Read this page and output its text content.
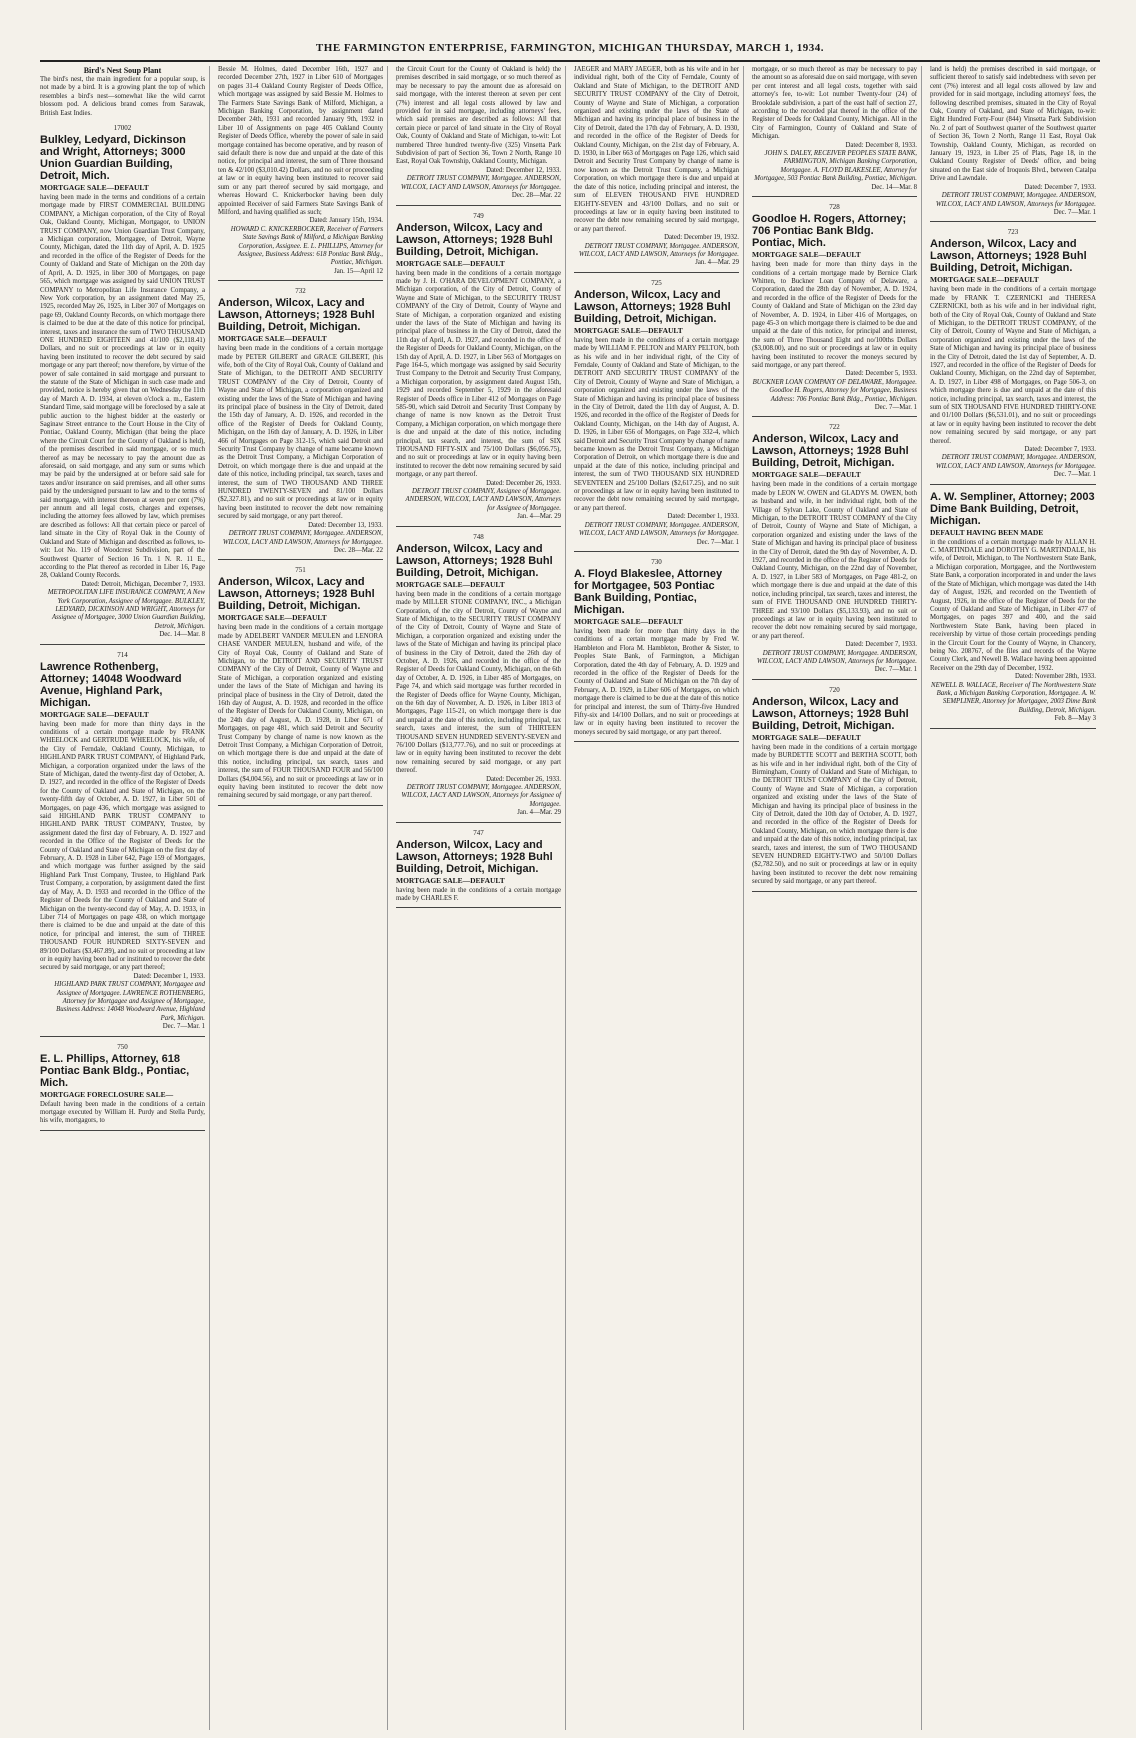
THE FARMINGTON ENTERPRISE, FARMINGTON, MICHIGAN THURSDAY, MARCH 1, 1934.
Bird's Nest Soup Plant

The bird's nest, the main ingredient for a popular soup, is not made by a bird. It is a growing plant the top of which resembles a bird's nest—somewhat like the wild carrot blossom pod. A delicious brand comes from Sarawak, British East Indies.

17002
Bulkley, Ledyard, Dickinson and Wright, Attorneys; 3000 Union Guardian Building, Detroit, Mich.
MORTGAGE SALE—DEFAULT

having been made in the terms and conditions of a certain mortgage made by FIRST COMMERCIAL BUILDING COMPANY, a Michigan corporation, of the City of Royal Oak, Oakland County, Michigan, Mortgagor, to UNION TRUST COMPANY, now Union Guardian Trust Company, a Michigan corporation, Mortgagee, of Detroit, Wayne County, Michigan, dated the 11th day of April, A. D. 1925 and recorded in the office of the Register of Deeds for the County of Oakland and State of Michigan on the 20th day of April, A. D. 1925, in liber 300 of Mortgages, on page 565, which mortgage was assigned by said UNION TRUST COMPANY to Metropolitan Life Insurance Company, a New York corporation, by an assignment dated May 25, 1925, recorded May 26, 1925, in Liber 307 of Mortgages on page 69, Oakland County Records, on which mortgage there is claimed to be due at the date of this notice for principal, interest, taxes and insurance the sum of TWO THOUSAND ONE HUNDRED EIGHTEEN and 41/100 ($2,118.41) Dollars, and no suit or proceedings at law or in equity having been instituted to recover the debt secured by said mortgage or any part thereof; now therefore, by virtue of the power of sale contained in said mortgage and pursuant to the statute of the State of Michigan in such case made and provided, notice is hereby given that on Wednesday the 11th day of March A. D. 1934, at eleven o'clock a. m., Eastern Standard Time, said mortgage will be foreclosed by a sale at public auction to the highest bidder at the easterly or Saginaw Street entrance to the Court House in the City of Pontiac, Oakland County, Michigan (that being the place where the Circuit Court for the County of Oakland is held), of the premises described in said mortgage, or so much thereof as may be necessary to pay the amount due as aforesaid, on said mortgage, and any sum or sums which may be paid by the undersigned at or before said sale for taxes and/or insurance on said premises, and all other sums paid by the undersigned pursuant to law and to the terms of said mortgage, with interest thereon at seven per cent (7%) per annum and all legal costs, charges and expenses, including the attorney fees allowed by law, which premises are described as follows: All that certain piece or parcel of land situate in the City of Royal Oak in the County of Oakland and State of Michigan and described as follows, to-wit: Lot No. 119 of Woodcrest Subdivision, part of the Southwest Quarter of Section 16 Tn. 1 N. R. 11 E., according to the Plat thereof as recorded in Liber 16, Page 28, Oakland County Records.

Dated: Detroit, Michigan, December 7, 1933.
METROPOLITAN LIFE INSURANCE COMPANY, A New York Corporation, Assignee of Mortgagee. BULKLEY, LEDYARD, DICKINSON AND WRIGHT, Attorneys for Assignee of Mortgagee, 3000 Union Guardian Building, Detroit, Michigan.
Dec. 14—Mar. 8
714
Lawrence Rothenberg, Attorney; 14048 Woodward Avenue, Highland Park, Michigan.
MORTGAGE SALE—DEFAULT

having been made for more than thirty days in the conditions of a certain mortgage made by FRANK WHEELOCK and GERTRUDE WHEELOCK, his wife, of the City of Ferndale, Oakland County, Michigan, to HIGHLAND PARK TRUST COMPANY, of Highland Park, Michigan, a corporation organized under the laws of the State of Michigan, dated the twenty-first day of October, A. D. 1927, and recorded in the office of the Register of Deeds for the County of Oakland and State of Michigan, on the twenty-fifth day of October, A. D. 1927, in Liber 501 of Mortgages, on page 436, which mortgage was assigned to said HIGHLAND PARK TRUST COMPANY to HIGHLAND PARK TRUST COMPANY, Trustee, by assignment dated the first day of February, A. D. 1927 and recorded in the Office of the Register of Deeds for the County of Oakland and State of Michigan on the first day of February, A. D. 1928 in Liber 642, Page 159 of Mortgages, and which mortgage was further assigned by the said Highland Park Trust Company, Trustee, to Highland Park Trust Company, a corporation, by assignment dated the first day of May, A. D. 1933 and recorded in the Office of the Register of Deeds for the County of Oakland and State of Michigan on the twenty-second day of May, A. D. 1933, in Liber 714 of Mortgages on page 438, on which mortgage there is claimed to be due and unpaid at the date of this notice, for principal and interest, the sum of THREE THOUSAND FOUR HUNDRED SIXTY-SEVEN and 89/100 Dollars ($3,467.89), and no suit or proceeding at law or in equity having been had or instituted to recover the debt secured by said mortgage, or any part thereof;

Dated: December 1, 1933.
HIGHLAND PARK TRUST COMPANY, Mortgagee and Assignee of Mortgagee. LAWRENCE ROTHENBERG, Attorney for Mortgagee and Assignee of Mortgagee, Business Address: 14048 Woodward Avenue, Highland Park, Michigan.
Dec. 7—Mar. 1
750
E. L. Phillips, Attorney, 618 Pontiac Bank Bldg., Pontiac, Mich.
MORTGAGE FORECLOSURE SALE—

Default having been made in the conditions of a certain mortgage executed by William H. Purdy and Stella Purdy, his wife, mortgagors, to

Bessie M. Holmes, dated December 16th, 1927 and recorded December 27th, 1927 in Liber 610 of Mortgages on pages 31-4 Oakland County Register of Deeds Office, which mortgage was assigned by said Bessie M. Holmes to The Farmers State Savings Bank of Milford, Michigan, a Michigan Banking Corporation, by assignment dated December 24th, 1931 and recorded January 9th, 1932 in Liber 10 of Assignments on page 405 Oakland County Register of Deeds Office, whereby the power of sale in said mortgage contained has become operative, and by reason of said default there is now due and unpaid at the date of this notice, for principal and interest, the sum of Three thousand ten & 42/100 ($3,010.42) Dollars, and no suit or proceeding at law or in equity having been instituted to recover said sum or any part thereof secured by said mortgage, and whereas Howard C. Knickerbocker having been duly appointed Receiver of said Farmers State Savings Bank of Milford, and having qualified as such;

Dated: January 15th, 1934.
HOWARD C. KNICKERBOCKER, Receiver of Farmers State Savings Bank of Milford, a Michigan Banking Corporation, Assignee. E. L. PHILLIPS, Attorney for Assignee, Business Address: 618 Pontiac Bank Bldg., Pontiac, Michigan.
Jan. 15—April 12
732
Anderson, Wilcox, Lacy and Lawson, Attorneys; 1928 Buhl Building, Detroit, Michigan.
MORTGAGE SALE—DEFAULT

having been made in the conditions of a certain mortgage made by PETER GILBERT and GRACE GILBERT, (his wife, both of the City of Royal Oak, County of Oakland and State of Michigan, to the DETROIT AND SECURITY TRUST COMPANY of the City of Detroit, County of Wayne and State of Michigan, a corporation organized and existing under the laws of the State of Michigan and having its principal place of business in the City of Detroit, dated the 15th day of January, A. D. 1926, and recorded in the office of the Register of Deeds for Oakland County, Michigan, on the 16th day of January, A. D. 1926, in Liber 466 of Mortgages on Page 312-15, which said Detroit and Security Trust Company by change of name became known as the Detroit Trust Company, a Michigan Corporation of Detroit, on which mortgage there is due and unpaid at the date of this notice, including principal, tax search, taxes and interest, the sum of TWO THOUSAND AND THREE HUNDRED TWENTY-SEVEN and 81/100 Dollars ($2,327.81), and no suit or proceedings at law or in equity having been instituted to recover the debt now remaining secured by said mortgage, or any part thereof.

Dated: December 13, 1933.
DETROIT TRUST COMPANY, Mortgagee. ANDERSON, WILCOX, LACY AND LAWSON, Attorneys for Mortgagee.
Dec. 28—Mar. 22
751
Anderson, Wilcox, Lacy and Lawson, Attorneys; 1928 Buhl Building, Detroit, Michigan.
MORTGAGE SALE—DEFAULT

having been made in the conditions of a certain mortgage made by ADELBERT VANDER MEULEN and LENORA CHASE VANDER MEULEN, husband and wife, of the City of Royal Oak, County of Oakland and State of Michigan, to the DETROIT AND SECURITY TRUST COMPANY of the City of Detroit, County of Wayne and State of Michigan, a corporation organized and existing under the laws of the State of Michigan and having its principal place of business in the City of Detroit, dated the 16th day of August, A. D. 1928, and recorded in the office of the Register of Deeds for Oakland County, Michigan, on the 24th day of August, A. D. 1928, in Liber 671 of Mortgages, on page 481, which said Detroit and Security Trust Company by change of name is now known as the Detroit Trust Company, a Michigan Corporation of Detroit, on which mortgage there is due and unpaid at the date of this notice, including principal, tax search, taxes and interest, the sum of FOUR THOUSAND FOUR and 56/100 Dollars ($4,004.56), and no suit or proceedings at law or in equity having been instituted to recover the debt now remaining secured by said mortgage, or any part thereof.

the Circuit Court for the County of Oakland is held) the premises described in said mortgage, or so much thereof as may be necessary to pay the amount due as aforesaid on said mortgage, with the interest thereon at seven per cent (7%) interest and all legal costs allowed by law and provided for in said mortgage, including attorneys' fees, which said premises are described as follows: All that certain piece or parcel of land situate in the City of Royal Oak, County of Oakland and State of Michigan, to-wit: Lot numbered Three hundred twenty-five (325) Vinsetta Park Subdivision of part of Section 36, Town 2 North, Range 10 East, Royal Oak Township, Oakland County, Michigan.

Dated: December 12, 1933.
DETROIT TRUST COMPANY, Mortgagee. ANDERSON, WILCOX, LACY AND LAWSON, Attorneys for Mortgagee.
Dec. 28—Mar. 22
749
Anderson, Wilcox, Lacy and Lawson, Attorneys; 1928 Buhl Building, Detroit, Michigan.
MORTGAGE SALE—DEFAULT

having been made in the conditions of a certain mortgage made by J. H. O'HARA DEVELOPMENT COMPANY, a Michigan corporation, of the City of Detroit, County of Wayne and State of Michigan, to the SECURITY TRUST COMPANY of the City of Detroit, County of Wayne and State of Michigan, a corporation organized and existing under the laws of the State of Michigan and having its principal place of business in the City of Detroit, dated the 11th day of April, A. D. 1927, and recorded in the office of the Register of Deeds for Oakland County, Michigan, on the 15th day of April, A. D. 1927, in Liber 563 of Mortgages on Page 164-5, which mortgage was assigned by said Security Trust Company to the Detroit and Security Trust Company, a Michigan corporation, by assignment dated August 15th, 1929 and recorded September 5, 1929 in the aforesaid Register of Deeds office in Liber 412 of Mortgages on Page 585-90, which said Detroit and Security Trust Company by change of name is now known as the Detroit Trust Company, a Michigan corporation, on which mortgage there is due and unpaid at the date of this notice, including principal, tax search, and interest, the sum of SIX THOUSAND FIFTY-SIX and 75/100 Dollars ($6,056.75), and no suit or proceedings at law or in equity having been instituted to recover the debt now remaining secured by said mortgage, or any part thereof.

Dated: December 26, 1933.
DETROIT TRUST COMPANY, Assignee of Mortgagee. ANDERSON, WILCOX, LACY AND LAWSON, Attorneys for Assignee of Mortgagee.
Jan. 4—Mar. 29
748
Anderson, Wilcox, Lacy and Lawson, Attorneys; 1928 Buhl Building, Detroit, Michigan.
MORTGAGE SALE—DEFAULT

having been made in the conditions of a certain mortgage made by MILLER STONE COMPANY, INC., a Michigan Corporation, of the city of Detroit, County of Wayne and State of Michigan, to the SECURITY TRUST COMPANY of the City of Detroit, County of Wayne and State of Michigan, a corporation organized and existing under the laws of the State of Michigan and having its principal place of business in the City of Detroit, dated the 26th day of October, A. D. 1926, and recorded in the office of the Register of Deeds for Oakland County, Michigan, on the 6th day of October, A. D. 1926, in Liber 485 of Mortgages, on Page 74, and which said mortgage was further recorded in the Register of Deeds office for Wayne County, Michigan, on the 6th day of November, A. D. 1926, in Liber 1813 of Mortgages, Page 115-21, on which mortgage there is due and unpaid at the date of this notice, including principal, tax search, taxes and interest, the sum of THIRTEEN THOUSAND SEVEN HUNDRED SEVENTY-SEVEN and 76/100 Dollars ($13,777.76), and no suit or proceedings at law or in equity having been instituted to recover the debt now remaining secured by said mortgage, or any part thereof.

Dated: December 26, 1933.
DETROIT TRUST COMPANY, Mortgagee. ANDERSON, WILCOX, LACY AND LAWSON, Attorneys for Assignee of Mortgagee.
Jan. 4—Mar. 29
747
Anderson, Wilcox, Lacy and Lawson, Attorneys; 1928 Buhl Building, Detroit, Michigan.
MORTGAGE SALE—DEFAULT

having been made in the conditions of a certain mortgage made by CHARLES F.

JAEGER and MARY JAEGER, both as his wife and in her individual right, both of the City of Ferndale, County of Oakland and State of Michigan, to the DETROIT AND SECURITY TRUST COMPANY of the City of Detroit, County of Wayne and State of Michigan, a corporation organized and existing under the laws of the State of Michigan and having its principal place of business in the City of Detroit, dated the 17th day of February, A. D. 1930, and recorded in the office of the Register of Deeds for Oakland County, Michigan, on the 21st day of February, A. D. 1930, in Liber 663 of Mortgages on Page 126, which said Detroit and Security Trust Company by change of name is now known as the Detroit Trust Company, a Michigan Corporation, on which mortgage there is due and unpaid at the date of this notice, including principal and interest, the sum of ELEVEN THOUSAND FIVE HUNDRED EIGHTY-SEVEN and 43/100 Dollars, and no suit or proceedings at law or in equity having been instituted to recover the debt now remaining secured by said mortgage, or any part thereof.

Dated: December 19, 1932.
DETROIT TRUST COMPANY, Mortgagee. ANDERSON, WILCOX, LACY AND LAWSON, Attorneys for Mortgagee.
Jan. 4—Mar. 29
725
Anderson, Wilcox, Lacy and Lawson, Attorneys; 1928 Buhl Building, Detroit, Michigan.
MORTGAGE SALE—DEFAULT

having been made in the conditions of a certain mortgage made by WILLIAM F. PELTON and MARY PELTON, both as his wife and in her individual right, of the City of Ferndale, County of Oakland and State of Michigan, to the DETROIT AND SECURITY TRUST COMPANY of the City of Detroit, County of Wayne and State of Michigan, a corporation organized and existing under the laws of the State of Michigan and having its principal place of business in the City of Detroit, dated the 11th day of August, A. D. 1926, and recorded in the office of the Register of Deeds for Oakland County, Michigan, on the 14th day of August, A. D. 1926, in Liber 656 of Mortgages, on Page 332-4, which said Detroit and Security Trust Company by change of name became known as the Detroit Trust Company, a Michigan Corporation of Detroit, on which mortgage there is due and unpaid at the date of this notice, including principal and interest, the sum of TWO THOUSAND SIX HUNDRED SEVENTEEN and 25/100 Dollars ($2,617.25), and no suit or proceedings at law or in equity having been instituted to recover the debt now remaining secured by said mortgage, or any part thereof.

Dated: December 1, 1933.
DETROIT TRUST COMPANY, Mortgagee. ANDERSON, WILCOX, LACY AND LAWSON, Attorneys for Mortgagee.
Dec. 7—Mar. 1
730
A. Floyd Blakeslee, Attorney for Mortgagee, 503 Pontiac Bank Building, Pontiac, Michigan.
MORTGAGE SALE—DEFAULT

having been made for more than thirty days in the conditions of a certain mortgage made by Fred W. Hambleton and Flora M. Hambleton, Brother & Sister, to Peoples State Bank, of Farmington, a Michigan Corporation, dated the 4th day of February, A. D. 1929 and recorded in the office of the Register of Deeds for the County of Oakland and State of Michigan on the 7th day of February, A. D. 1929, in Liber 606 of Mortgages, on which mortgage there is claimed to be due at the date of this notice for principal and interest, the sum of Thirty-five Hundred Fifty-six and 14/100 Dollars, and no suit or proceedings at law or in equity having been instituted to recover the moneys secured by said mortgage, or any part thereof.

mortgage, or so much thereof as may be necessary to pay the amount so as aforesaid due on said mortgage, with seven per cent interest and all legal costs, together with said attorney's fee, to-wit: Lot number Twenty-four (24) of Brookdale subdivision, a part of the east half of section 27, according to the recorded plat thereof in the office of the Register of Deeds for Oakland County, Michigan. All in the City of Farmington, County of Oakland and State of Michigan.

Dated: December 8, 1933.
JOHN S. DALEY, RECEIVER PEOPLES STATE BANK, FARMINGTON, Michigan Banking Corporation, Mortgagee. A. FLOYD BLAKESLEE, Attorney for Mortgagee, 503 Pontiac Bank Building, Pontiac, Michigan.
Dec. 14—Mar. 8
728
Goodloe H. Rogers, Attorney; 706 Pontiac Bank Bldg. Pontiac, Mich.
MORTGAGE SALE—DEFAULT

having been made for more than thirty days in the conditions of a certain mortgage made by Bernice Clark Whitten, to Buckner Loan Company of Delaware, a Corporation, dated the 28th day of November, A. D. 1924, and recorded in the office of the Register of Deeds for the County of Oakland and State of Michigan on the 23rd day of November, A. D. 1924, in Liber 416 of Mortgages, on page 45-3 on which mortgage there is claimed to be due and unpaid at the date of this notice, for principal and interest, the sum of Three Thousand Eight and no/100ths Dollars ($3,008.00), and no suit or proceedings at law or in equity having been instituted to recover the moneys secured by said mortgage, or any part thereof.

Dated: December 5, 1933.
BUCKNER LOAN COMPANY OF DELAWARE, Mortgagee. Goodloe H. Rogers, Attorney for Mortgagee, Business Address: 706 Pontiac Bank Bldg., Pontiac, Michigan.
Dec. 7—Mar. 1
722
Anderson, Wilcox, Lacy and Lawson, Attorneys; 1928 Buhl Building, Detroit, Michigan.
MORTGAGE SALE—DEFAULT

having been made in the conditions of a certain mortgage made by LEON W. OWEN and GLADYS M. OWEN, both as husband and wife, in her individual right, both of the Village of Sylvan Lake, County of Oakland and State of Michigan, to the DETROIT TRUST COMPANY of the City of Detroit, County of Wayne and State of Michigan, a corporation organized and existing under the laws of the State of Michigan and having its principal place of business in the City of Detroit, dated the 9th day of November, A. D. 1927, and recorded in the office of the Register of Deeds for Oakland County, Michigan, on the 22nd day of November, A. D. 1927, in Liber 583 of Mortgages, on Page 481-2, on which mortgage there is due and unpaid at the date of this notice, including principal, tax search, taxes and interest, the sum of FIVE THOUSAND ONE HUNDRED THIRTY-THREE and 93/100 Dollars ($5,133.93), and no suit or proceedings at law or in equity having been instituted to recover the debt now remaining secured by said mortgage, or any part thereof.

Dated: December 7, 1933.
DETROIT TRUST COMPANY, Mortgagee. ANDERSON, WILCOX, LACY AND LAWSON, Attorneys for Mortgagee.
Dec. 7—Mar. 1
720
Anderson, Wilcox, Lacy and Lawson, Attorneys; 1928 Buhl Building, Detroit, Michigan.
MORTGAGE SALE—DEFAULT

having been made in the conditions of a certain mortgage made by BURDETTE SCOTT and BERTHA SCOTT, both as his wife and in her individual right, both of the City of Birmingham, County of Oakland and State of Michigan, to the DETROIT TRUST COMPANY of the City of Detroit, County of Wayne and State of Michigan, a corporation organized and existing under the laws of the State of Michigan and having its principal place of business in the City of Detroit, dated the 10th day of October, A. D. 1927, and recorded in the office of the Register of Deeds for Oakland County, Michigan, on which mortgage there is due and unpaid at the date of this notice, including principal, tax search, taxes and interest, the sum of TWO THOUSAND SEVEN HUNDRED EIGHTY-TWO and 50/100 Dollars ($2,782.50), and no suit or proceedings at law or in equity having been instituted to recover the debt now remaining secured by said mortgage, or any part thereof.

land is held) the premises described in said mortgage, or sufficient thereof to satisfy said indebtedness with seven per cent (7%) interest and all legal costs allowed by law and provided for in said mortgage, including attorneys' fees, the following described premises, situated in the City of Royal Oak, County of Oakland, and State of Michigan, to-wit: Eight Hundred Forty-Four (844) Vinsetta Park Subdivision No. 2 of part of Southwest quarter of the Southwest quarter of Section 36, Town 2 North, Range 11 East, Royal Oak Township, Oakland County, Michigan, as recorded on January 19, 1923, in Liber 25 of Plats, Page 18, in the Oakland County Register of Deeds' office, and being situated on the East side of Iroquois Blvd., between Catalpa Drive and Lawndale.

Dated: December 7, 1933.
DETROIT TRUST COMPANY, Mortgagee. ANDERSON, WILCOX, LACY AND LAWSON, Attorneys for Mortgagee.
Dec. 7—Mar. 1
723
Anderson, Wilcox, Lacy and Lawson, Attorneys; 1928 Buhl Building, Detroit, Michigan.
MORTGAGE SALE—DEFAULT

having been made in the conditions of a certain mortgage made by FRANK T. CZERNICKI and THERESA CZERNICKI, both as his wife and in her individual right, both of the City of Royal Oak, County of Oakland and State of Michigan, to the DETROIT TRUST COMPANY, of the City of Detroit, County of Wayne and State of Michigan, a corporation organized and existing under the laws of the State of Michigan and having its principal place of business in the City of Detroit, dated the 1st day of September, A. D. 1927, and recorded in the office of the Register of Deeds for Oakland County, Michigan, on the 22nd day of September, A. D. 1927, in Liber 498 of Mortgages, on Page 506-3, on which mortgage there is due and unpaid at the date of this notice, including principal, tax search, taxes and interest, the sum of SIX THOUSAND FIVE HUNDRED THIRTY-ONE and 01/100 Dollars ($6,531.01), and no suit or proceedings at law or in equity having been instituted to recover the debt now remaining secured by said mortgage, or any part thereof.

Dated: December 7, 1933.
DETROIT TRUST COMPANY, Mortgagee. ANDERSON, WILCOX, LACY AND LAWSON, Attorneys for Mortgagee.
Dec. 7—Mar. 1
A. W. Sempliner, Attorney; 2003 Dime Bank Building, Detroit, Michigan.
DEFAULT HAVING BEEN MADE

in the conditions of a certain mortgage made by ALLAN H. C. MARTINDALE and DOROTHY G. MARTINDALE, his wife, of Detroit, Michigan, to The Northwestern State Bank, a Michigan corporation, Mortgagee, and the Northwestern State Bank, a corporation incorporated in and under the laws of the State of Michigan, which mortgage was dated the 14th day of August, 1926, and recorded on the Twentieth of August, 1926, in the office of the Register of Deeds for the County of Oakland and State of Michigan, in Liber 477 of Mortgages, on pages 397 and 400, and the said Northwestern State Bank, having been placed in receivership by virtue of those certain proceedings pending in the Circuit Court for the County of Wayne, in Chancery, being No. 208767, of the files and records of the Wayne County Clerk, and Newell B. Wallace having been appointed Receiver on the 29th day of December, 1932.

Dated: November 28th, 1933.
NEWELL B. WALLACE, Receiver of The Northwestern State Bank, a Michigan Banking Corporation, Mortgagee. A. W. SEMPLINER, Attorney for Mortgagee, 2003 Dime Bank Building, Detroit, Michigan.
Feb. 8—May 3
